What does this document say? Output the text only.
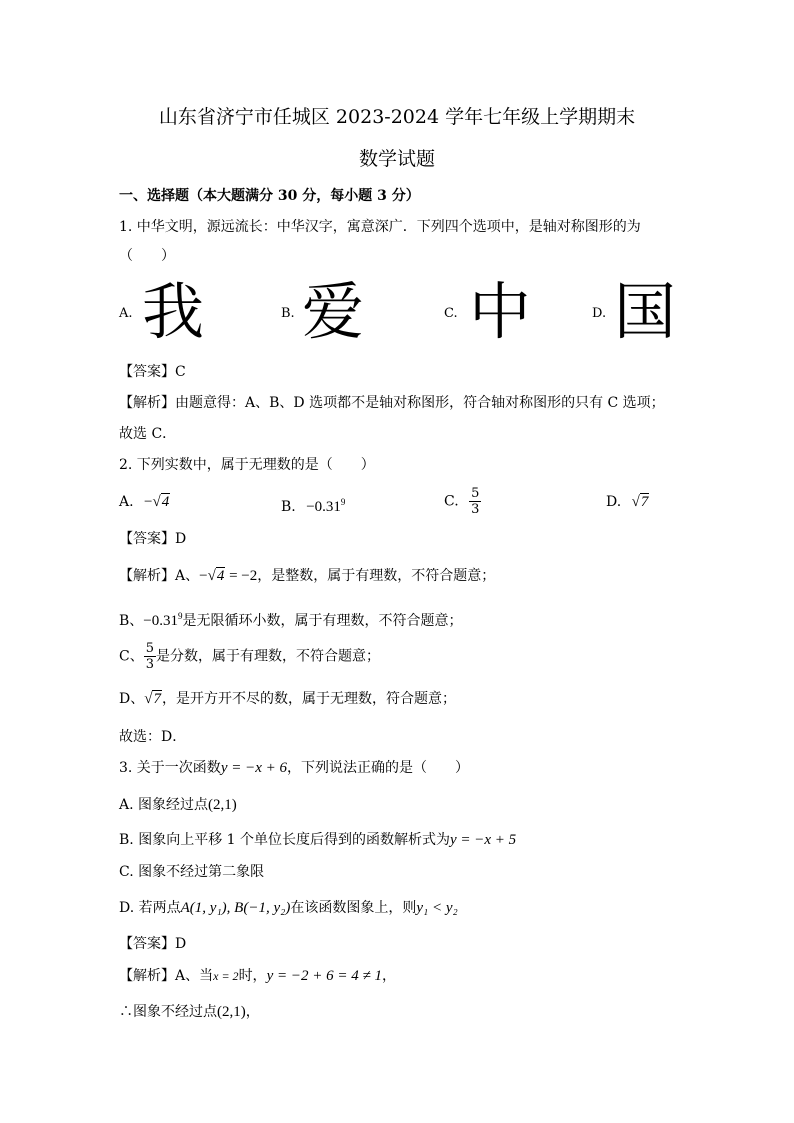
山东省济宁市任城区 2023-2024 学年七年级上学期期末
数学试题
一、选择题（本大题满分 30 分，每小题 3 分）
1. 中华文明，源远流长：中华汉字，寓意深广．下列四个选项中，是轴对称图形的为
（　　）
A. 我	B. 爱	C. 中	D. 国
【答案】C
【解析】由题意得：A、B、D 选项都不是轴对称图形，符合轴对称图形的只有 C 选项；
故选 C．
2. 下列实数中，属于无理数的是（　　）
A. −√4	B. $-0.31^9$	C. $\frac{5}{3}$	D. √7
【答案】D
【解析】A、−√4 = −2，是整数，属于有理数，不符合题意；
B、$-0.31^9$是无限循环小数，属于有理数，不符合题意；
C、 $\frac{5}{3}$ 是分数，属于有理数，不符合题意；
D、√7，是开方开不尽的数，属于无理数，符合题意；
故选：D．
3. 关于一次函数y = −x + 6，下列说法正确的是（　　）
A. 图象经过点(2,1)
B. 图象向上平移 1 个单位长度后得到的函数解析式为y = −x + 5
C. 图象不经过第二象限
D. 若两点A(1, y₁), B(−1, y₂)在该函数图象上，则y₁ < y₂
【答案】D
【解析】A、当x = 2时，y = −2 + 6 = 4 ≠ 1，
∴图象不经过点(2,1)，
